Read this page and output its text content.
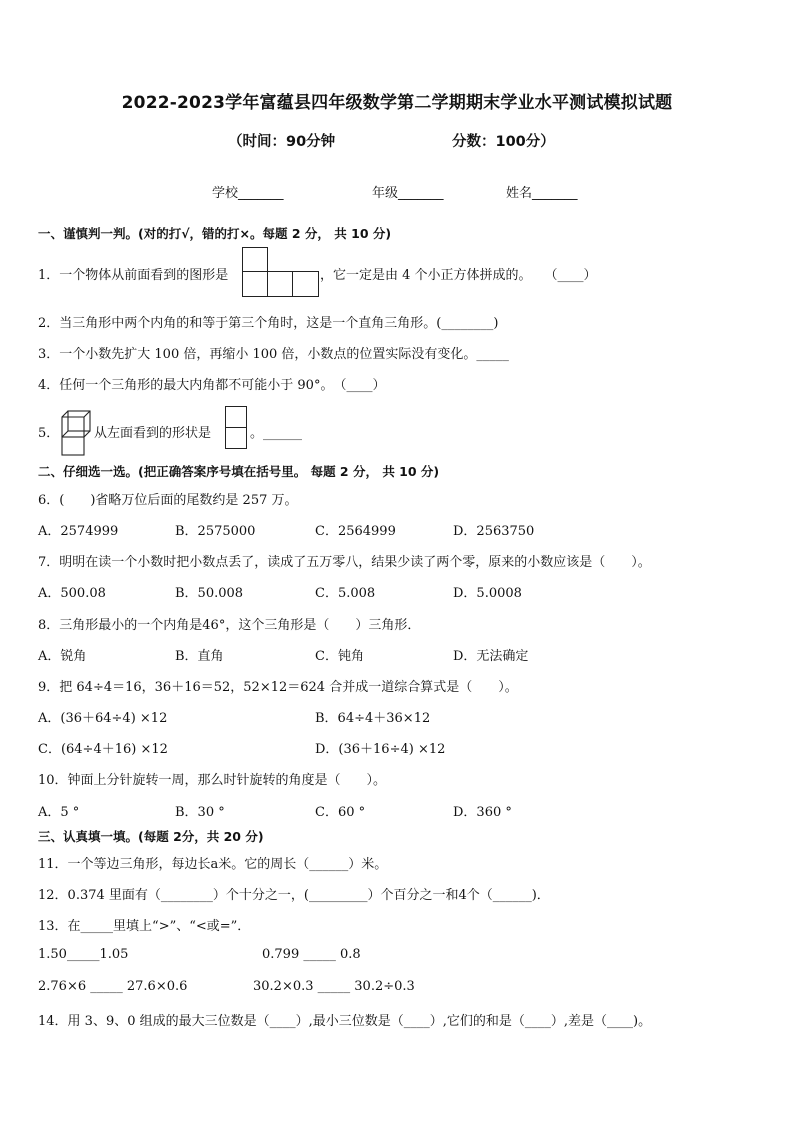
2022-2023学年富蕴县四年级数学第二学期期末学业水平测试模拟试题
（时间：90分钟	分数：100分）
学校_______	年级_______	姓名_______
一、谨慎判一判。(对的打√，错的打×。每题 2 分， 共 10 分)
1．一个物体从前面看到的图形是	，它一定是由 4 个小正方体拼成的。　　（____）
2．当三角形中两个内角的和等于第三个角时，这是一个直角三角形。(________)
3．一个小数先扩大 100 倍，再缩小 100 倍，小数点的位置实际没有变化。_____
4．任何一个三角形的最大内角都不可能小于 90°。　（____）
5．	从左面看到的形状是	。______
二、仔细选一选。(把正确答案序号填在括号里。 每题 2 分， 共 10 分)
6．(　　)省略万位后面的尾数约是 257 万。
A．2574999	B．2575000	C．2564999	D．2563750
7．明明在读一个小数时把小数点丢了，读成了五万零八，结果少读了两个零，原来的小数应该是（　　）。
A．500.08	B．50.008	C．5.008	D．5.0008
8．三角形最小的一个内角是46°，这个三角形是（　　）三角形．
A．锐角	B．直角	C．钝角	D．无法确定
9．把 64÷4＝16，36＋16＝52，52×12＝624 合并成一道综合算式是（　　）。
A．(36＋64÷4) ×12	B．64÷4＋36×12
C．(64÷4＋16) ×12	D．(36＋16÷4) ×12
10．钟面上分针旋转一周，那么时针旋转的角度是（　　）。
A．5 °	B．30 °	C．60 °	D．360 °
三、认真填一填。(每题 2分，共 20 分)
11．一个等边三角形，每边长a米。它的周长（______）米。
12．0.374 里面有（________）个十分之一，(_________）个百分之一和4个（______)．
13．在_____里填上“>”、“<或=”．
1.50_____1.05	0.799 _____ 0.8
2.76×6 _____ 27.6×0.6	30.2×0.3 _____ 30.2÷0.3
14．用 3、9、0 组成的最大三位数是（____）,最小三位数是（____）,它们的和是（____）,差是（____)。
